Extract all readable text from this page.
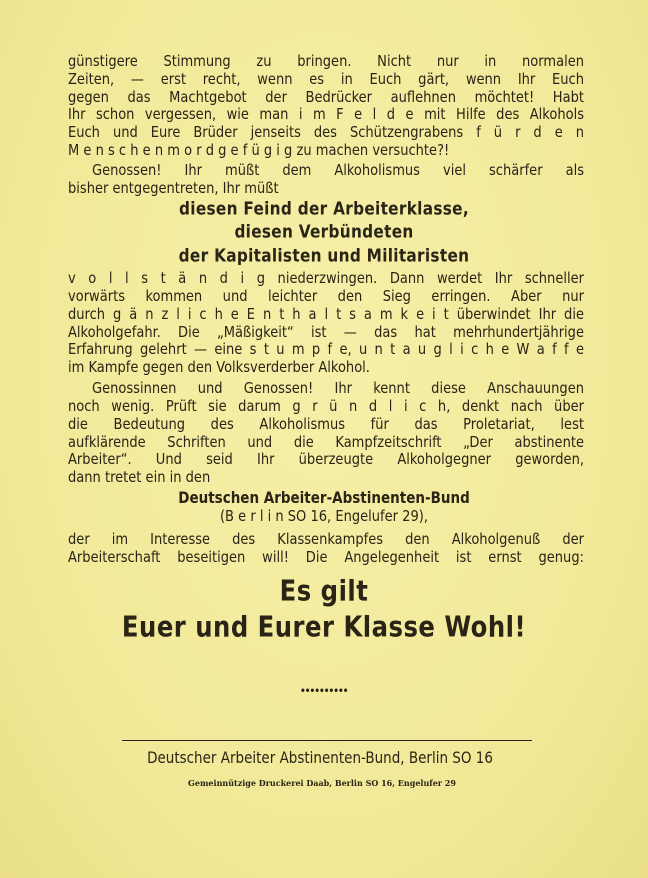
günstigere Stimmung zu bringen. Nicht nur in normalen
Zeiten, — erst recht, wenn es in Euch gärt, wenn Ihr Euch
gegen das Machtgebot der Bedrücker auflehnen möchtet! Habt
Ihr schon vergessen, wie man i m F e l d e mit Hilfe des Alkohols
Euch und Eure Brüder jenseits des Schützengrabens f ü r d e n
M e n s c h e n m o r d g e f ü g i g zu machen versuchte?!
Genossen! Ihr müßt dem Alkoholismus viel schärfer als
bisher entgegentreten, Ihr müßt
diesen Feind der Arbeiterklasse,
diesen Verbündeten
der Kapitalisten und Militaristen
v o l l s t ä n d i g niederzwingen. Dann werdet Ihr schneller
vorwärts kommen und leichter den Sieg erringen. Aber nur
durch g ä n z l i c h e E n t h a l t s a m k e i t überwindet Ihr die
Alkoholgefahr. Die „Mäßigkeit“ ist — das hat mehrhundertjährige
Erfahrung gelehrt — eine s t u m p f e, u n t a u g l i c h e W a f f e
im Kampfe gegen den Volksverderber Alkohol.
Genossinnen und Genossen! Ihr kennt diese Anschauungen
noch wenig. Prüft sie darum g r ü n d l i c h, denkt nach über
die Bedeutung des Alkoholismus für das Proletariat, lest
aufklärende Schriften und die Kampfzeitschrift „Der abstinente
Arbeiter“. Und seid Ihr überzeugte Alkoholgegner geworden,
dann tretet ein in den
Deutschen Arbeiter-Abstinenten-Bund
(B e r l i n SO 16, Engelufer 29),
der im Interesse des Klassenkampfes den Alkoholgenuß der
Arbeiterschaft beseitigen will! Die Angelegenheit ist ernst genug:
Es gilt
Euer und Eurer Klasse Wohl!
••••••••••
Deutscher Arbeiter Abstinenten-Bund, Berlin SO 16
Gemeinnützige Druckerei Daab, Berlin SO 16, Engelufer 29
